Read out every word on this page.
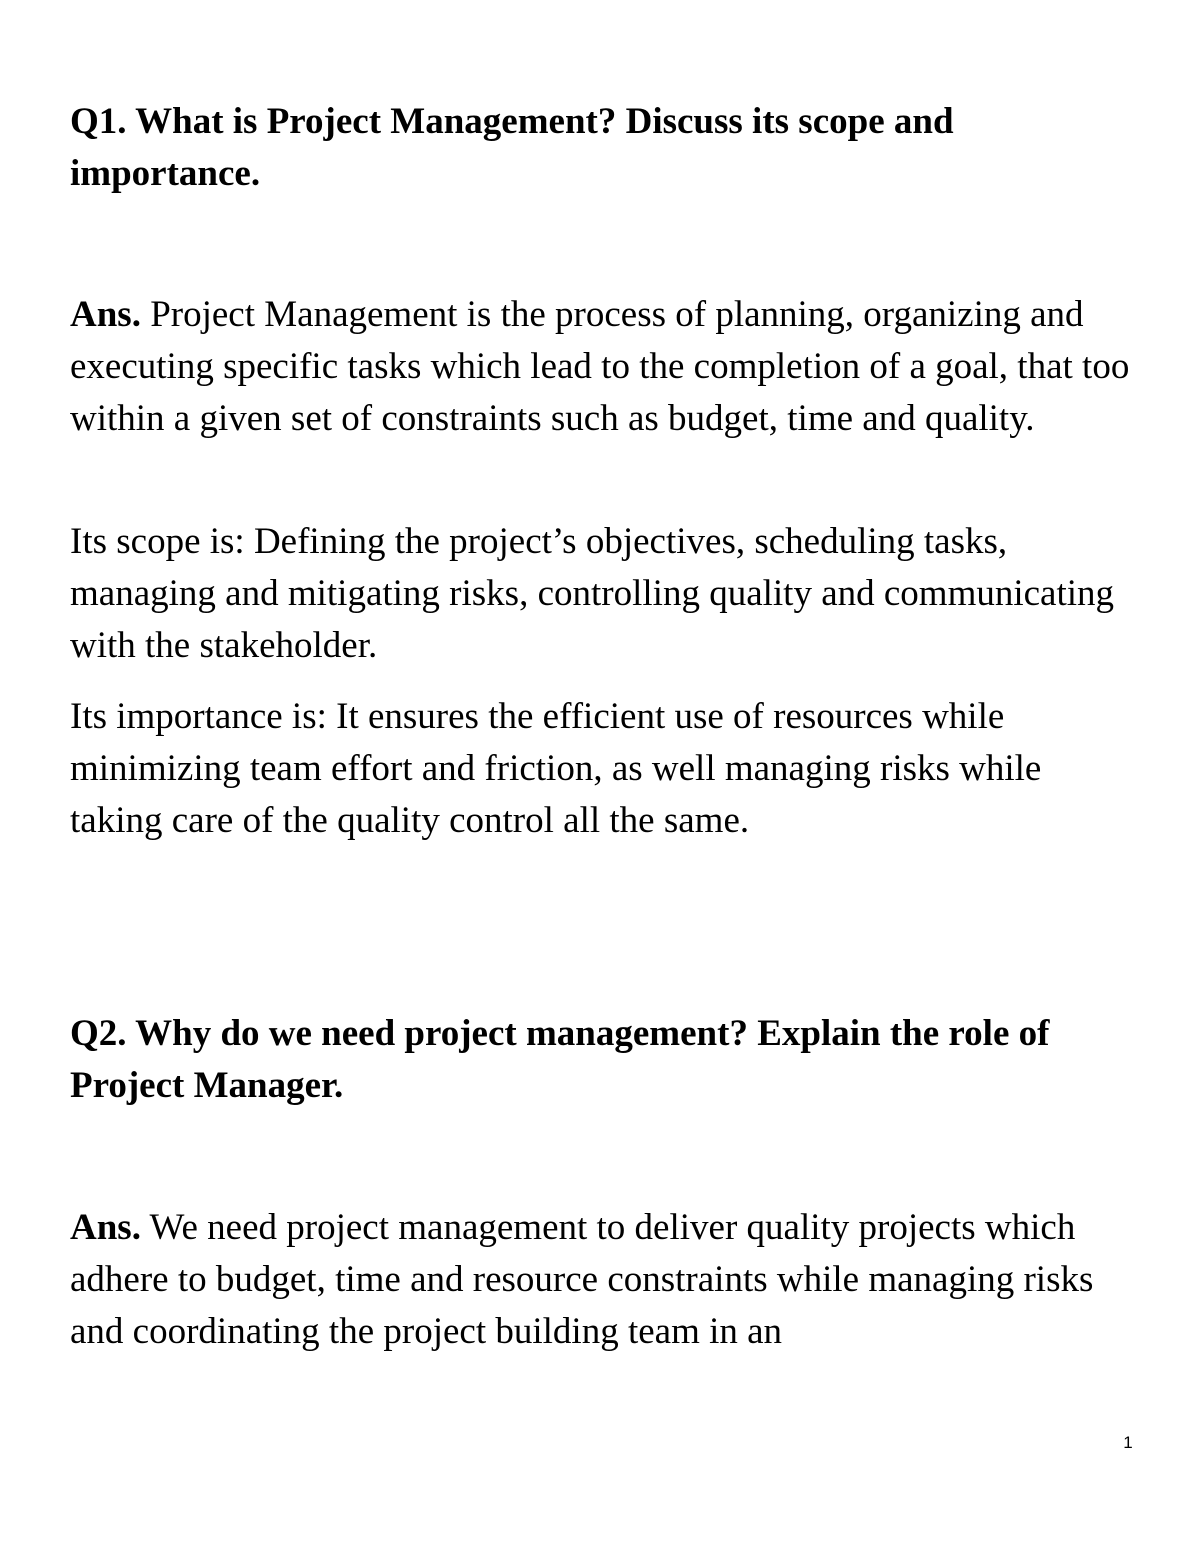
Q1. What is Project Management? Discuss its scope and importance.

Ans. Project Management is the process of planning, organizing and executing specific tasks which lead to the completion of a goal, that too within a given set of constraints such as budget, time and quality.

Its scope is: Defining the project’s objectives, scheduling tasks, managing and mitigating risks, controlling quality and communicating with the stakeholder.

Its importance is: It ensures the efficient use of resources while minimizing team effort and friction, as well managing risks while taking care of the quality control all the same.

Q2. Why do we need project management? Explain the role of Project Manager.

Ans. We need project management to deliver quality projects which adhere to budget, time and resource constraints while managing risks and coordinating the project building team in an

1
